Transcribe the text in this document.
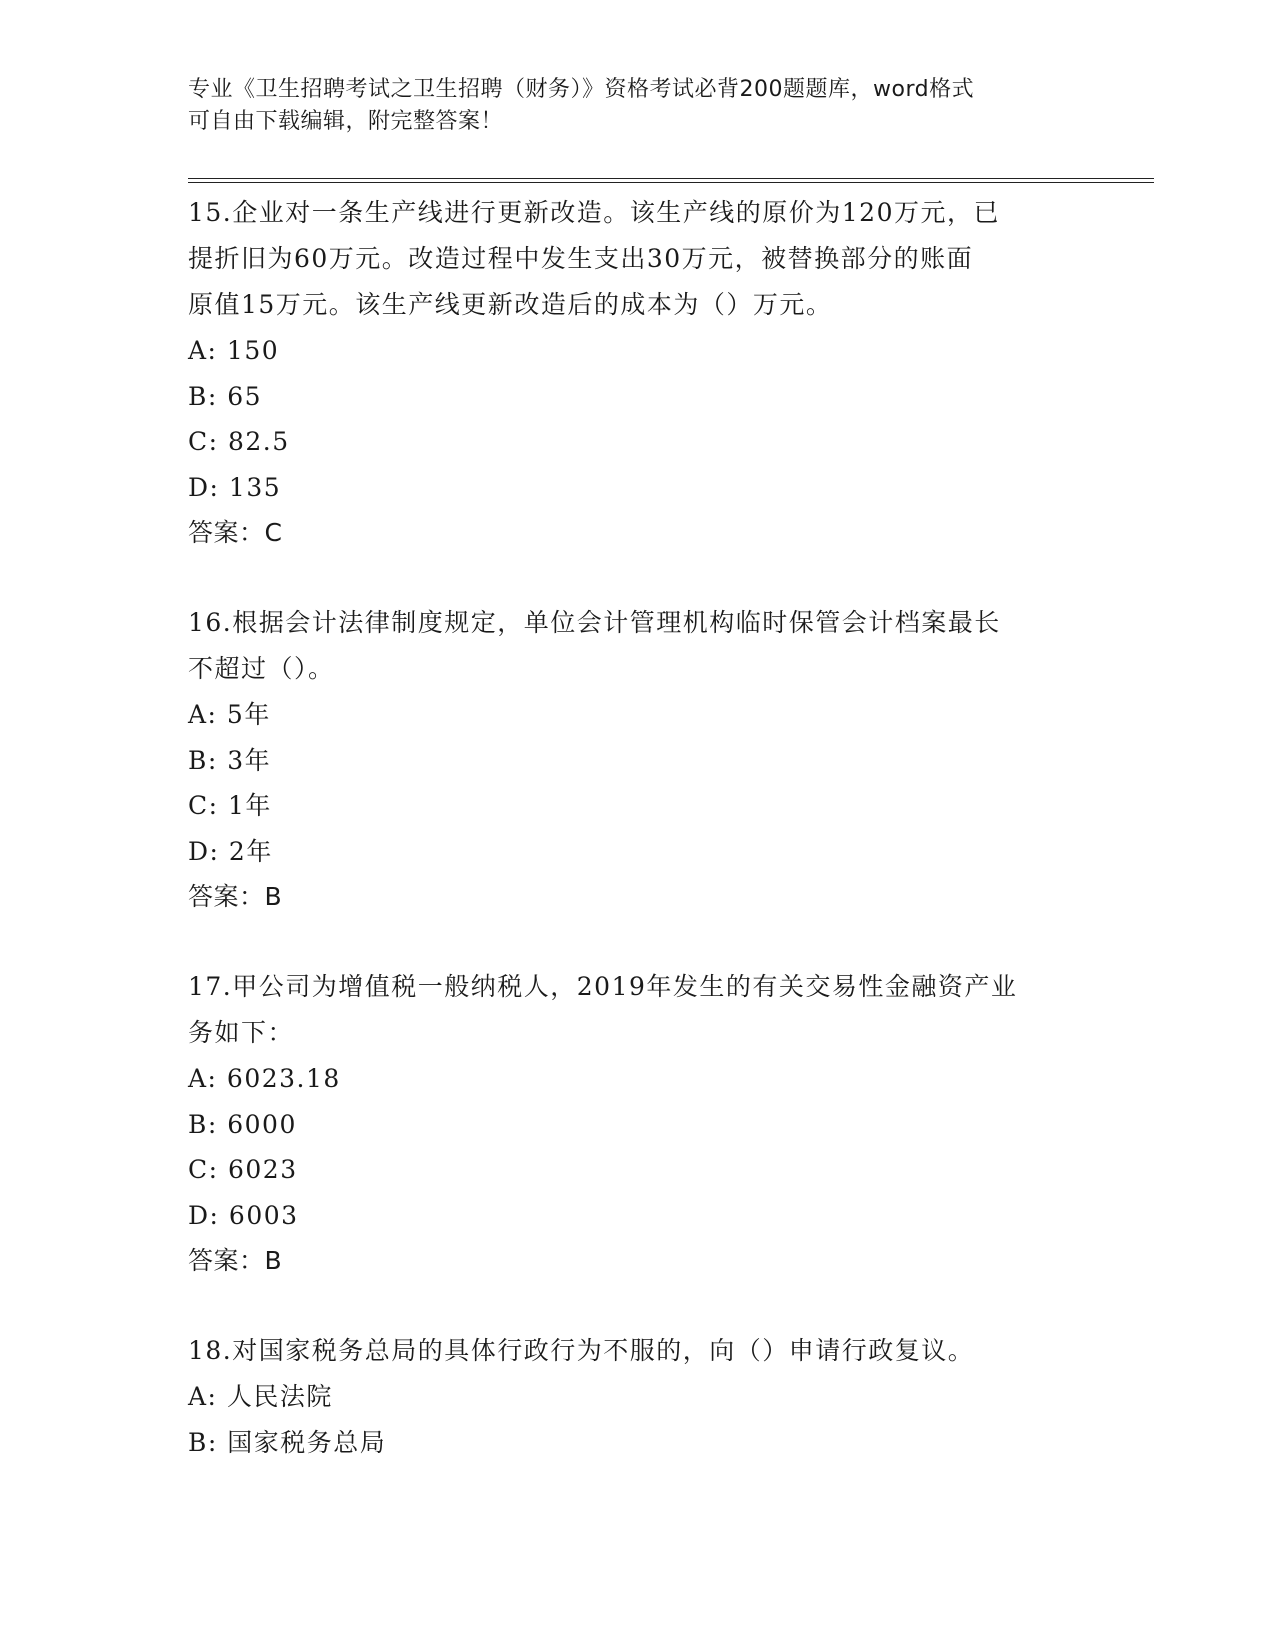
专业《卫生招聘考试之卫生招聘（财务）》资格考试必背200题题库，word格式
可自由下载编辑，附完整答案！

15.企业对一条生产线进行更新改造。该生产线的原价为120万元，已

提折旧为60万元。改造过程中发生支出30万元，被替换部分的账面

原值15万元。该生产线更新改造后的成本为（）万元。

A: 150

B: 65

C: 82.5

D: 135

答案：C

16.根据会计法律制度规定，单位会计管理机构临时保管会计档案最长

不超过（）。

A: 5年

B: 3年

C: 1年

D: 2年

答案：B

17.甲公司为增值税一般纳税人，2019年发生的有关交易性金融资产业

务如下：

A: 6023.18

B: 6000

C: 6023

D: 6003

答案：B

18.对国家税务总局的具体行政行为不服的，向（）申请行政复议。

A: 人民法院

B: 国家税务总局
